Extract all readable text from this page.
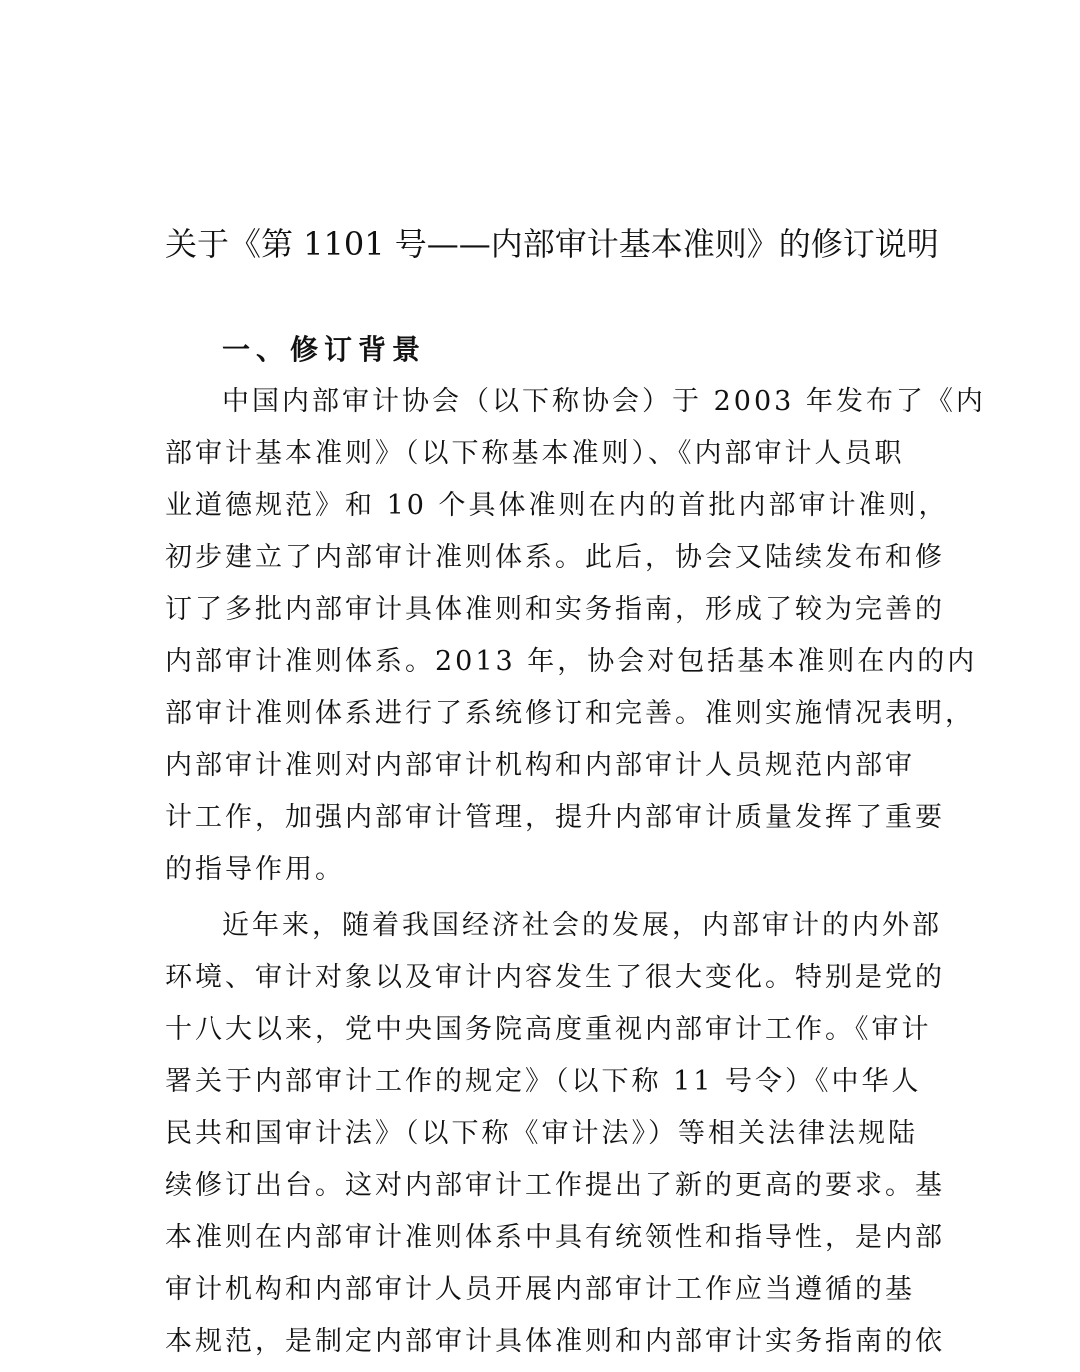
关于《第 1101 号——内部审计基本准则》的修订说明
一、修订背景
中国内部审计协会（以下称协会）于 2003 年发布了《内
部审计基本准则》（以下称基本准则）、《内部审计人员职
业道德规范》和 10 个具体准则在内的首批内部审计准则，
初步建立了内部审计准则体系。此后，协会又陆续发布和修
订了多批内部审计具体准则和实务指南，形成了较为完善的
内部审计准则体系。2013 年，协会对包括基本准则在内的内
部审计准则体系进行了系统修订和完善。准则实施情况表明，
内部审计准则对内部审计机构和内部审计人员规范内部审
计工作，加强内部审计管理，提升内部审计质量发挥了重要
的指导作用。
近年来，随着我国经济社会的发展，内部审计的内外部
环境、审计对象以及审计内容发生了很大变化。特别是党的
十八大以来，党中央国务院高度重视内部审计工作。《审计
署关于内部审计工作的规定》（以下称 11 号令）《中华人
民共和国审计法》（以下称《审计法》）等相关法律法规陆
续修订出台。这对内部审计工作提出了新的更高的要求。基
本准则在内部审计准则体系中具有统领性和指导性，是内部
审计机构和内部审计人员开展内部审计工作应当遵循的基
本规范，是制定内部审计具体准则和内部审计实务指南的依
